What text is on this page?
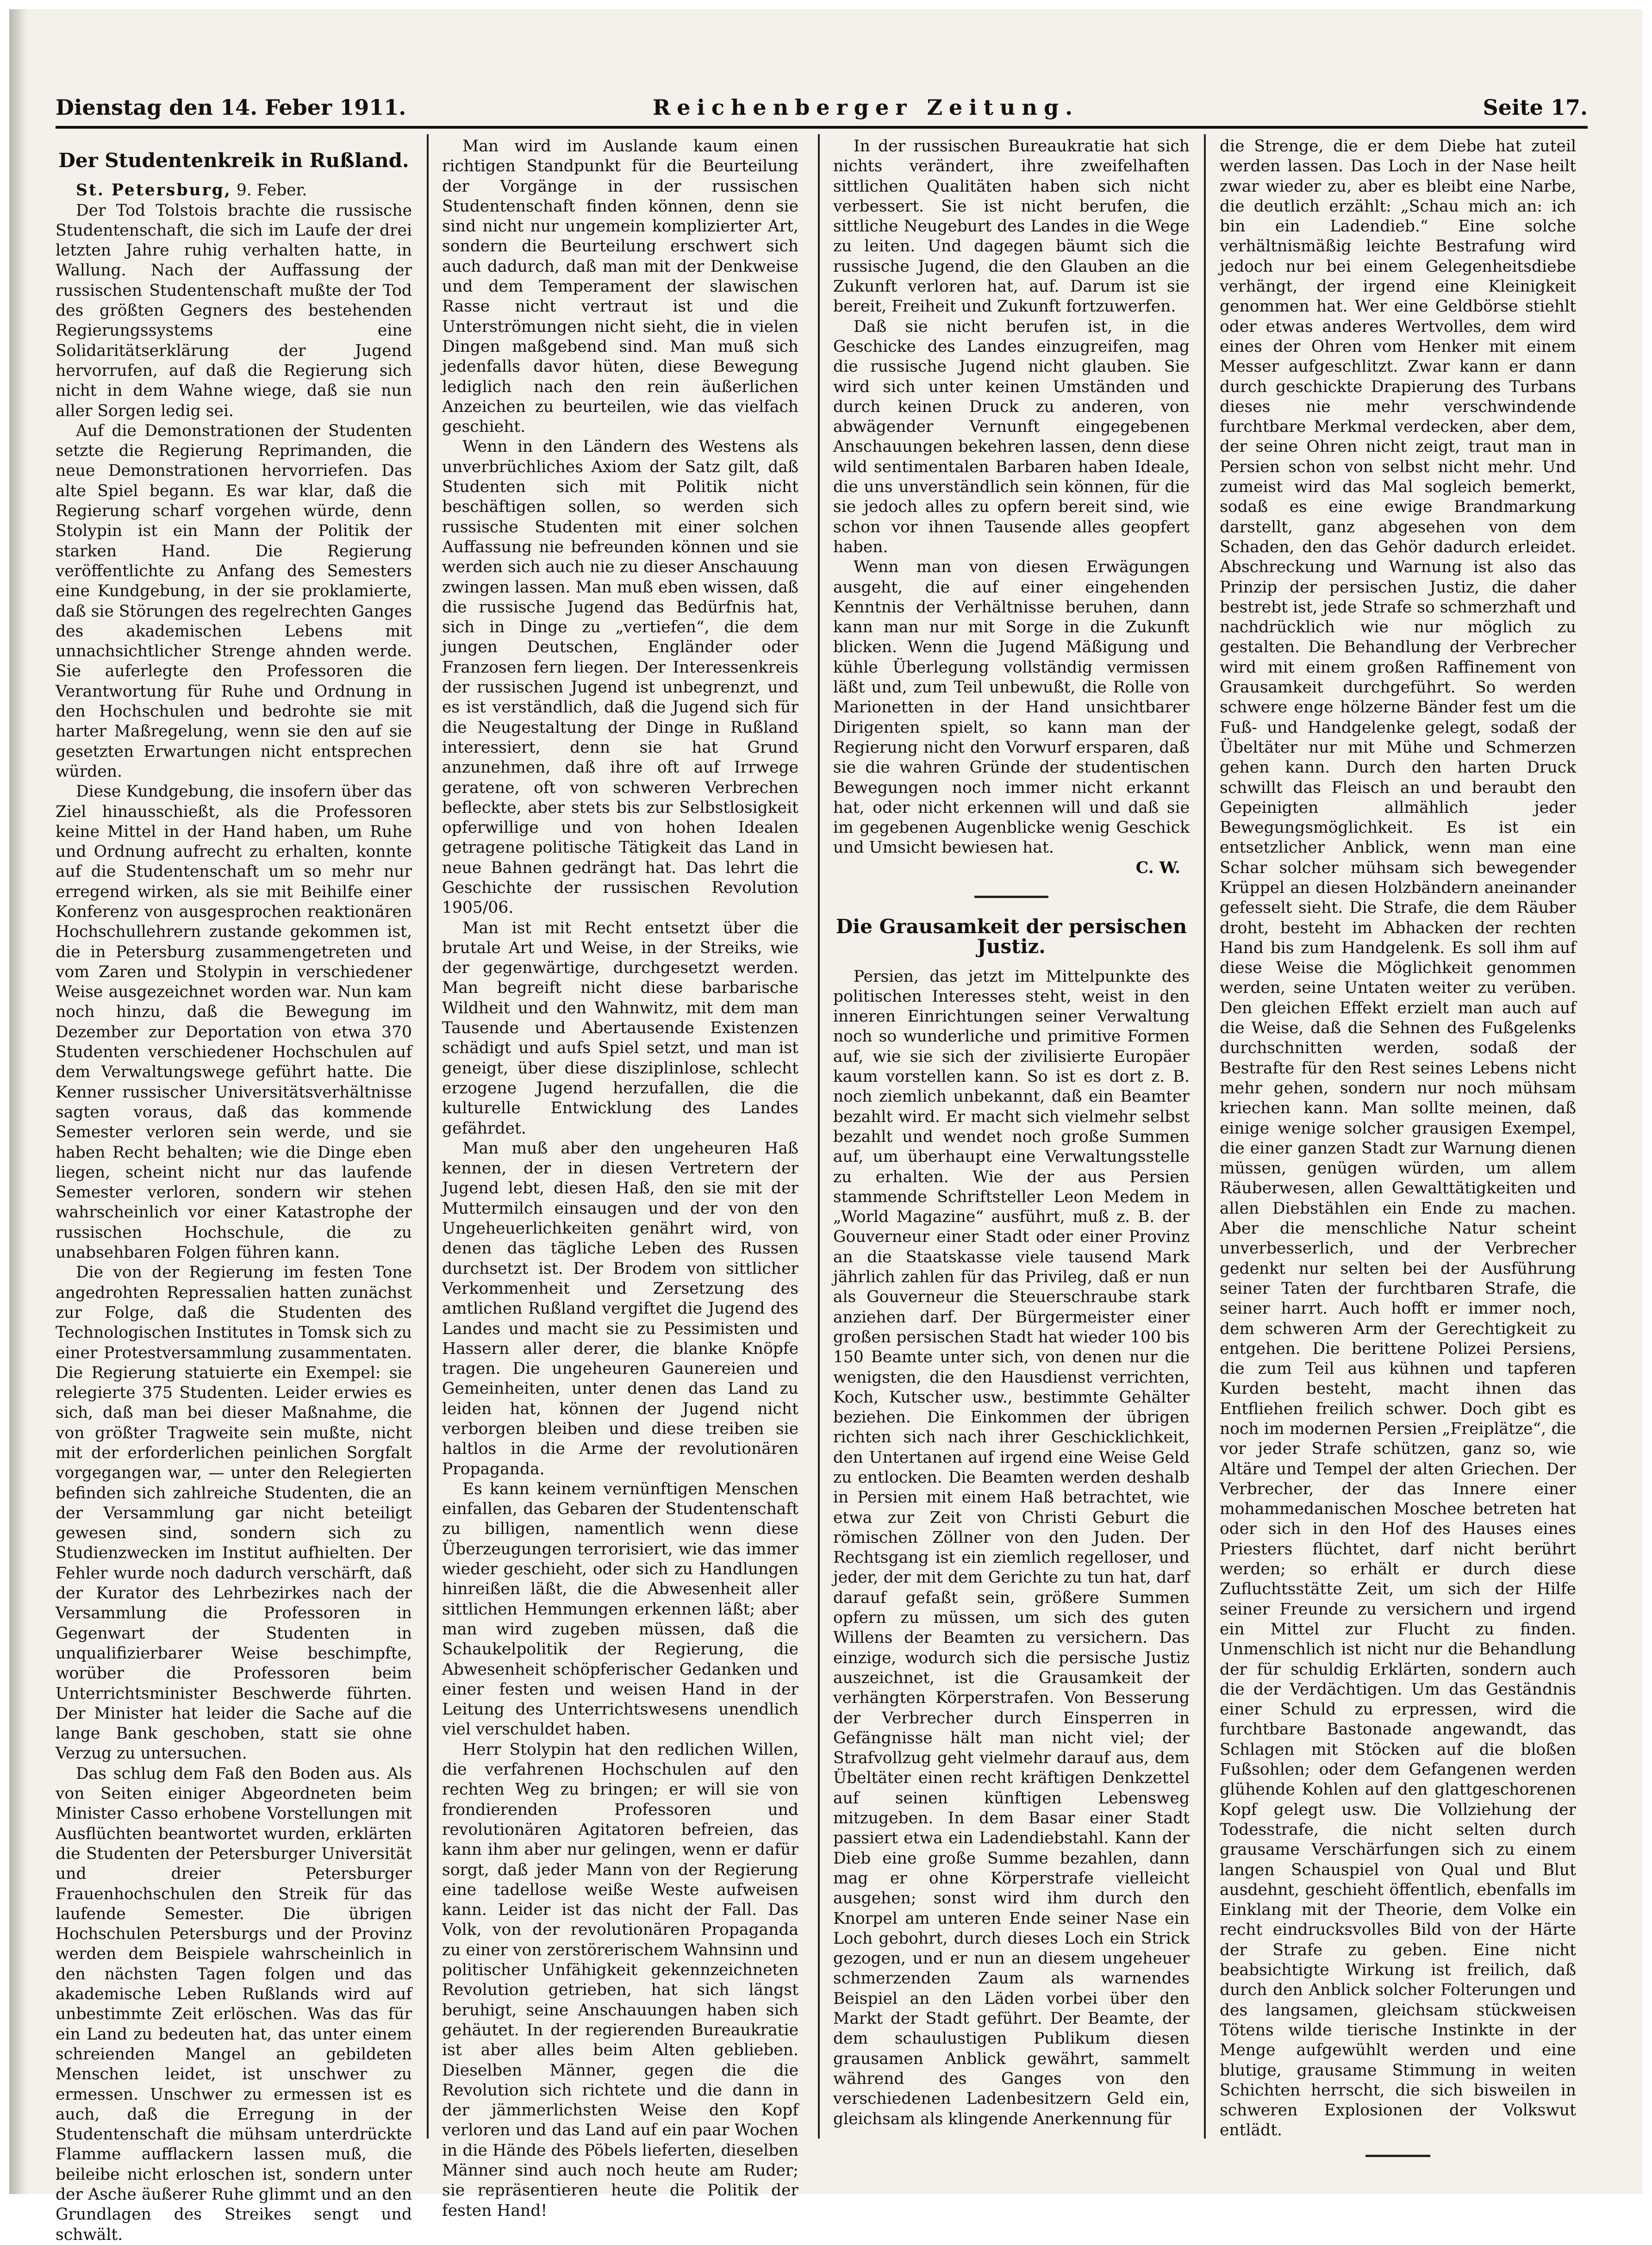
Dienstag den 14. Feber 1911.	Reichenberger Zeitung.	Seite 17.

Der Studentenkreik in Rußland.

St. Petersburg, 9. Feber.

Der Tod Tolstois brachte die russische Studentenschaft, die sich im Laufe der drei letzten Jahre ruhig verhalten hatte, in Wallung. Nach der Auffassung der russischen Studentenschaft mußte der Tod des größten Gegners des bestehenden Regierungssystems eine Solidaritätserklärung der Jugend hervorrufen, auf daß die Regierung sich nicht in dem Wahne wiege, daß sie nun aller Sorgen ledig sei.

Auf die Demonstrationen der Studenten setzte die Regierung Reprimanden, die neue Demonstrationen hervorriefen. Das alte Spiel begann. Es war klar, daß die Regierung scharf vorgehen würde, denn Stolypin ist ein Mann der Politik der starken Hand. Die Regierung veröffentlichte zu Anfang des Semesters eine Kundgebung, in der sie proklamierte, daß sie Störungen des regelrechten Ganges des akademischen Lebens mit unnachsichtlicher Strenge ahnden werde. Sie auferlegte den Professoren die Verantwortung für Ruhe und Ordnung in den Hochschulen und bedrohte sie mit harter Maßregelung, wenn sie den auf sie gesetzten Erwartungen nicht entsprechen würden.

Diese Kundgebung, die insofern über das Ziel hinausschießt, als die Professoren keine Mittel in der Hand haben, um Ruhe und Ordnung aufrecht zu erhalten, konnte auf die Studentenschaft um so mehr nur erregend wirken, als sie mit Beihilfe einer Konferenz von ausgesprochen reaktionären Hochschullehrern zustande gekommen ist, die in Petersburg zusammengetreten und vom Zaren und Stolypin in verschiedener Weise ausgezeichnet worden war. Nun kam noch hinzu, daß die Bewegung im Dezember zur Deportation von etwa 370 Studenten verschiedener Hochschulen auf dem Verwaltungswege geführt hatte. Die Kenner russischer Universitätsverhältnisse sagten voraus, daß das kommende Semester verloren sein werde, und sie haben Recht behalten; wie die Dinge eben liegen, scheint nicht nur das laufende Semester verloren, sondern wir stehen wahrscheinlich vor einer Katastrophe der russischen Hochschule, die zu unabsehbaren Folgen führen kann.

Die von der Regierung im festen Tone angedrohten Repressalien hatten zunächst zur Folge, daß die Studenten des Technologischen Institutes in Tomsk sich zu einer Protestversammlung zusammentaten. Die Regierung statuierte ein Exempel: sie relegierte 375 Studenten. Leider erwies es sich, daß man bei dieser Maßnahme, die von größter Tragweite sein mußte, nicht mit der erforderlichen peinlichen Sorgfalt vorgegangen war, — unter den Relegierten befinden sich zahlreiche Studenten, die an der Versammlung gar nicht beteiligt gewesen sind, sondern sich zu Studienzwecken im Institut aufhielten. Der Fehler wurde noch dadurch verschärft, daß der Kurator des Lehrbezirkes nach der Versammlung die Professoren in Gegenwart der Studenten in unqualifizierbarer Weise beschimpfte, worüber die Professoren beim Unterrichtsminister Beschwerde führten. Der Minister hat leider die Sache auf die lange Bank geschoben, statt sie ohne Verzug zu untersuchen.

Das schlug dem Faß den Boden aus. Als von Seiten einiger Abgeordneten beim Minister Casso erhobene Vorstellungen mit Ausflüchten beantwortet wurden, erklärten die Studenten der Petersburger Universität und dreier Petersburger Frauenhochschulen den Streik für das laufende Semester. Die übrigen Hochschulen Petersburgs und der Provinz werden dem Beispiele wahrscheinlich in den nächsten Tagen folgen und das akademische Leben Rußlands wird auf unbestimmte Zeit erlöschen. Was das für ein Land zu bedeuten hat, das unter einem schreienden Mangel an gebildeten Menschen leidet, ist unschwer zu ermessen. Unschwer zu ermessen ist es auch, daß die Erregung in der Studentenschaft die mühsam unterdrückte Flamme aufflackern lassen muß, die beileibe nicht erloschen ist, sondern unter der Asche äußerer Ruhe glimmt und an den Grundlagen des Streikes sengt und schwält.

Man wird im Auslande kaum einen richtigen Standpunkt für die Beurteilung der Vorgänge in der russischen Studentenschaft finden können, denn sie sind nicht nur ungemein komplizierter Art, sondern die Beurteilung erschwert sich auch dadurch, daß man mit der Denkweise und dem Temperament der slawischen Rasse nicht vertraut ist und die Unterströmungen nicht sieht, die in vielen Dingen maßgebend sind. Man muß sich jedenfalls davor hüten, diese Bewegung lediglich nach den rein äußerlichen Anzeichen zu beurteilen, wie das vielfach geschieht.

Wenn in den Ländern des Westens als unverbrüchliches Axiom der Satz gilt, daß Studenten sich mit Politik nicht beschäftigen sollen, so werden sich russische Studenten mit einer solchen Auffassung nie befreunden können und sie werden sich auch nie zu dieser Anschauung zwingen lassen. Man muß eben wissen, daß die russische Jugend das Bedürfnis hat, sich in Dinge zu „vertiefen“, die dem jungen Deutschen, Engländer oder Franzosen fern liegen. Der Interessenkreis der russischen Jugend ist unbegrenzt, und es ist verständlich, daß die Jugend sich für die Neugestaltung der Dinge in Rußland interessiert, denn sie hat Grund anzunehmen, daß ihre oft auf Irrwege geratene, oft von schweren Verbrechen befleckte, aber stets bis zur Selbstlosigkeit opferwillige und von hohen Idealen getragene politische Tätigkeit das Land in neue Bahnen gedrängt hat. Das lehrt die Geschichte der russischen Revolution 1905/06.

Man ist mit Recht entsetzt über die brutale Art und Weise, in der Streiks, wie der gegenwärtige, durchgesetzt werden. Man begreift nicht diese barbarische Wildheit und den Wahnwitz, mit dem man Tausende und Abertausende Existenzen schädigt und aufs Spiel setzt, und man ist geneigt, über diese disziplinlose, schlecht erzogene Jugend herzufallen, die die kulturelle Entwicklung des Landes gefährdet.

Man muß aber den ungeheuren Haß kennen, der in diesen Vertretern der Jugend lebt, diesen Haß, den sie mit der Muttermilch einsaugen und der von den Ungeheuerlichkeiten genährt wird, von denen das tägliche Leben des Russen durchsetzt ist. Der Brodem von sittlicher Verkommenheit und Zersetzung des amtlichen Rußland vergiftet die Jugend des Landes und macht sie zu Pessimisten und Hassern aller derer, die blanke Knöpfe tragen. Die ungeheuren Gaunereien und Gemeinheiten, unter denen das Land zu leiden hat, können der Jugend nicht verborgen bleiben und diese treiben sie haltlos in die Arme der revolutionären Propaganda.

Es kann keinem vernünftigen Menschen einfallen, das Gebaren der Studentenschaft zu billigen, namentlich wenn diese Überzeugungen terrorisiert, wie das immer wieder geschieht, oder sich zu Handlungen hinreißen läßt, die die Abwesenheit aller sittlichen Hemmungen erkennen läßt; aber man wird zugeben müssen, daß die Schaukelpolitik der Regierung, die Abwesenheit schöpferischer Gedanken und einer festen und weisen Hand in der Leitung des Unterrichtswesens unendlich viel verschuldet haben.

Herr Stolypin hat den redlichen Willen, die verfahrenen Hochschulen auf den rechten Weg zu bringen; er will sie von frondierenden Professoren und revolutionären Agitatoren befreien, das kann ihm aber nur gelingen, wenn er dafür sorgt, daß jeder Mann von der Regierung eine tadellose weiße Weste aufweisen kann. Leider ist das nicht der Fall. Das Volk, von der revolutionären Propaganda zu einer von zerstörerischem Wahnsinn und politischer Unfähigkeit gekennzeichneten Revolution getrieben, hat sich längst beruhigt, seine Anschauungen haben sich gehäutet. In der regierenden Bureaukratie ist aber alles beim Alten geblieben. Dieselben Männer, gegen die die Revolution sich richtete und die dann in der jämmerlichsten Weise den Kopf verloren und das Land auf ein paar Wochen in die Hände des Pöbels lieferten, dieselben Männer sind auch noch heute am Ruder; sie repräsentieren heute die Politik der festen Hand!

In der russischen Bureaukratie hat sich nichts verändert, ihre zweifelhaften sittlichen Qualitäten haben sich nicht verbessert. Sie ist nicht berufen, die sittliche Neugeburt des Landes in die Wege zu leiten. Und dagegen bäumt sich die russische Jugend, die den Glauben an die Zukunft verloren hat, auf. Darum ist sie bereit, Freiheit und Zukunft fortzuwerfen.

Daß sie nicht berufen ist, in die Geschicke des Landes einzugreifen, mag die russische Jugend nicht glauben. Sie wird sich unter keinen Umständen und durch keinen Druck zu anderen, von abwägender Vernunft eingegebenen Anschauungen bekehren lassen, denn diese wild sentimentalen Barbaren haben Ideale, die uns unverständlich sein können, für die sie jedoch alles zu opfern bereit sind, wie schon vor ihnen Tausende alles geopfert haben.

Wenn man von diesen Erwägungen ausgeht, die auf einer eingehenden Kenntnis der Verhältnisse beruhen, dann kann man nur mit Sorge in die Zukunft blicken. Wenn die Jugend Mäßigung und kühle Überlegung vollständig vermissen läßt und, zum Teil unbewußt, die Rolle von Marionetten in der Hand unsichtbarer Dirigenten spielt, so kann man der Regierung nicht den Vorwurf ersparen, daß sie die wahren Gründe der studentischen Bewegungen noch immer nicht erkannt hat, oder nicht erkennen will und daß sie im gegebenen Augenblicke wenig Geschick und Umsicht bewiesen hat.

C. W.

Die Grausamkeit der persischen Justiz.

Persien, das jetzt im Mittelpunkte des politischen Interesses steht, weist in den inneren Einrichtungen seiner Verwaltung noch so wunderliche und primitive Formen auf, wie sie sich der zivilisierte Europäer kaum vorstellen kann. So ist es dort z. B. noch ziemlich unbekannt, daß ein Beamter bezahlt wird. Er macht sich vielmehr selbst bezahlt und wendet noch große Summen auf, um überhaupt eine Verwaltungsstelle zu erhalten. Wie der aus Persien stammende Schriftsteller Leon Medem in „World Magazine“ ausführt, muß z. B. der Gouverneur einer Stadt oder einer Provinz an die Staatskasse viele tausend Mark jährlich zahlen für das Privileg, daß er nun als Gouverneur die Steuerschraube stark anziehen darf. Der Bürgermeister einer großen persischen Stadt hat wieder 100 bis 150 Beamte unter sich, von denen nur die wenigsten, die den Hausdienst verrichten, Koch, Kutscher usw., bestimmte Gehälter beziehen. Die Einkommen der übrigen richten sich nach ihrer Geschicklichkeit, den Untertanen auf irgend eine Weise Geld zu entlocken. Die Beamten werden deshalb in Persien mit einem Haß betrachtet, wie etwa zur Zeit von Christi Geburt die römischen Zöllner von den Juden. Der Rechtsgang ist ein ziemlich regelloser, und jeder, der mit dem Gerichte zu tun hat, darf darauf gefaßt sein, größere Summen opfern zu müssen, um sich des guten Willens der Beamten zu versichern. Das einzige, wodurch sich die persische Justiz auszeichnet, ist die Grausamkeit der verhängten Körperstrafen. Von Besserung der Verbrecher durch Einsperren in Gefängnisse hält man nicht viel; der Strafvollzug geht vielmehr darauf aus, dem Übeltäter einen recht kräftigen Denkzettel auf seinen künftigen Lebensweg mitzugeben. In dem Basar einer Stadt passiert etwa ein Ladendiebstahl. Kann der Dieb eine große Summe bezahlen, dann mag er ohne Körperstrafe vielleicht ausgehen; sonst wird ihm durch den Knorpel am unteren Ende seiner Nase ein Loch gebohrt, durch dieses Loch ein Strick gezogen, und er nun an diesem ungeheuer schmerzenden Zaum als warnendes Beispiel an den Läden vorbei über den Markt der Stadt geführt. Der Beamte, der dem schaulustigen Publikum diesen grausamen Anblick gewährt, sammelt während des Ganges von den verschiedenen Ladenbesitzern Geld ein, gleichsam als klingende Anerkennung für

die Strenge, die er dem Diebe hat zuteil werden lassen. Das Loch in der Nase heilt zwar wieder zu, aber es bleibt eine Narbe, die deutlich erzählt: „Schau mich an: ich bin ein Ladendieb.“ Eine solche verhältnismäßig leichte Bestrafung wird jedoch nur bei einem Gelegenheitsdiebe verhängt, der irgend eine Kleinigkeit genommen hat. Wer eine Geldbörse stiehlt oder etwas anderes Wertvolles, dem wird eines der Ohren vom Henker mit einem Messer aufgeschlitzt. Zwar kann er dann durch geschickte Drapierung des Turbans dieses nie mehr verschwindende furchtbare Merkmal verdecken, aber dem, der seine Ohren nicht zeigt, traut man in Persien schon von selbst nicht mehr. Und zumeist wird das Mal sogleich bemerkt, sodaß es eine ewige Brandmarkung darstellt, ganz abgesehen von dem Schaden, den das Gehör dadurch erleidet. Abschreckung und Warnung ist also das Prinzip der persischen Justiz, die daher bestrebt ist, jede Strafe so schmerzhaft und nachdrücklich wie nur möglich zu gestalten. Die Behandlung der Verbrecher wird mit einem großen Raffinement von Grausamkeit durchgeführt. So werden schwere enge hölzerne Bänder fest um die Fuß- und Handgelenke gelegt, sodaß der Übeltäter nur mit Mühe und Schmerzen gehen kann. Durch den harten Druck schwillt das Fleisch an und beraubt den Gepeinigten allmählich jeder Bewegungsmöglichkeit. Es ist ein entsetzlicher Anblick, wenn man eine Schar solcher mühsam sich bewegender Krüppel an diesen Holzbändern aneinander gefesselt sieht. Die Strafe, die dem Räuber droht, besteht im Abhacken der rechten Hand bis zum Handgelenk. Es soll ihm auf diese Weise die Möglichkeit genommen werden, seine Untaten weiter zu verüben. Den gleichen Effekt erzielt man auch auf die Weise, daß die Sehnen des Fußgelenks durchschnitten werden, sodaß der Bestrafte für den Rest seines Lebens nicht mehr gehen, sondern nur noch mühsam kriechen kann. Man sollte meinen, daß einige wenige solcher grausigen Exempel, die einer ganzen Stadt zur Warnung dienen müssen, genügen würden, um allem Räuberwesen, allen Gewalttätigkeiten und allen Diebstählen ein Ende zu machen. Aber die menschliche Natur scheint unverbesserlich, und der Verbrecher gedenkt nur selten bei der Ausführung seiner Taten der furchtbaren Strafe, die seiner harrt. Auch hofft er immer noch, dem schweren Arm der Gerechtigkeit zu entgehen. Die berittene Polizei Persiens, die zum Teil aus kühnen und tapferen Kurden besteht, macht ihnen das Entfliehen freilich schwer. Doch gibt es noch im modernen Persien „Freiplätze“, die vor jeder Strafe schützen, ganz so, wie Altäre und Tempel der alten Griechen. Der Verbrecher, der das Innere einer mohammedanischen Moschee betreten hat oder sich in den Hof des Hauses eines Priesters flüchtet, darf nicht berührt werden; so erhält er durch diese Zufluchtsstätte Zeit, um sich der Hilfe seiner Freunde zu versichern und irgend ein Mittel zur Flucht zu finden. Unmenschlich ist nicht nur die Behandlung der für schuldig Erklärten, sondern auch die der Verdächtigen. Um das Geständnis einer Schuld zu erpressen, wird die furchtbare Bastonade angewandt, das Schlagen mit Stöcken auf die bloßen Fußsohlen; oder dem Gefangenen werden glühende Kohlen auf den glattgeschorenen Kopf gelegt usw. Die Vollziehung der Todesstrafe, die nicht selten durch grausame Verschärfungen sich zu einem langen Schauspiel von Qual und Blut ausdehnt, geschieht öffentlich, ebenfalls im Einklang mit der Theorie, dem Volke ein recht eindrucksvolles Bild von der Härte der Strafe zu geben. Eine nicht beabsichtigte Wirkung ist freilich, daß durch den Anblick solcher Folterungen und des langsamen, gleichsam stückweisen Tötens wilde tierische Instinkte in der Menge aufgewühlt werden und eine blutige, grausame Stimmung in weiten Schichten herrscht, die sich bisweilen in schweren Explosionen der Volkswut entlädt.
